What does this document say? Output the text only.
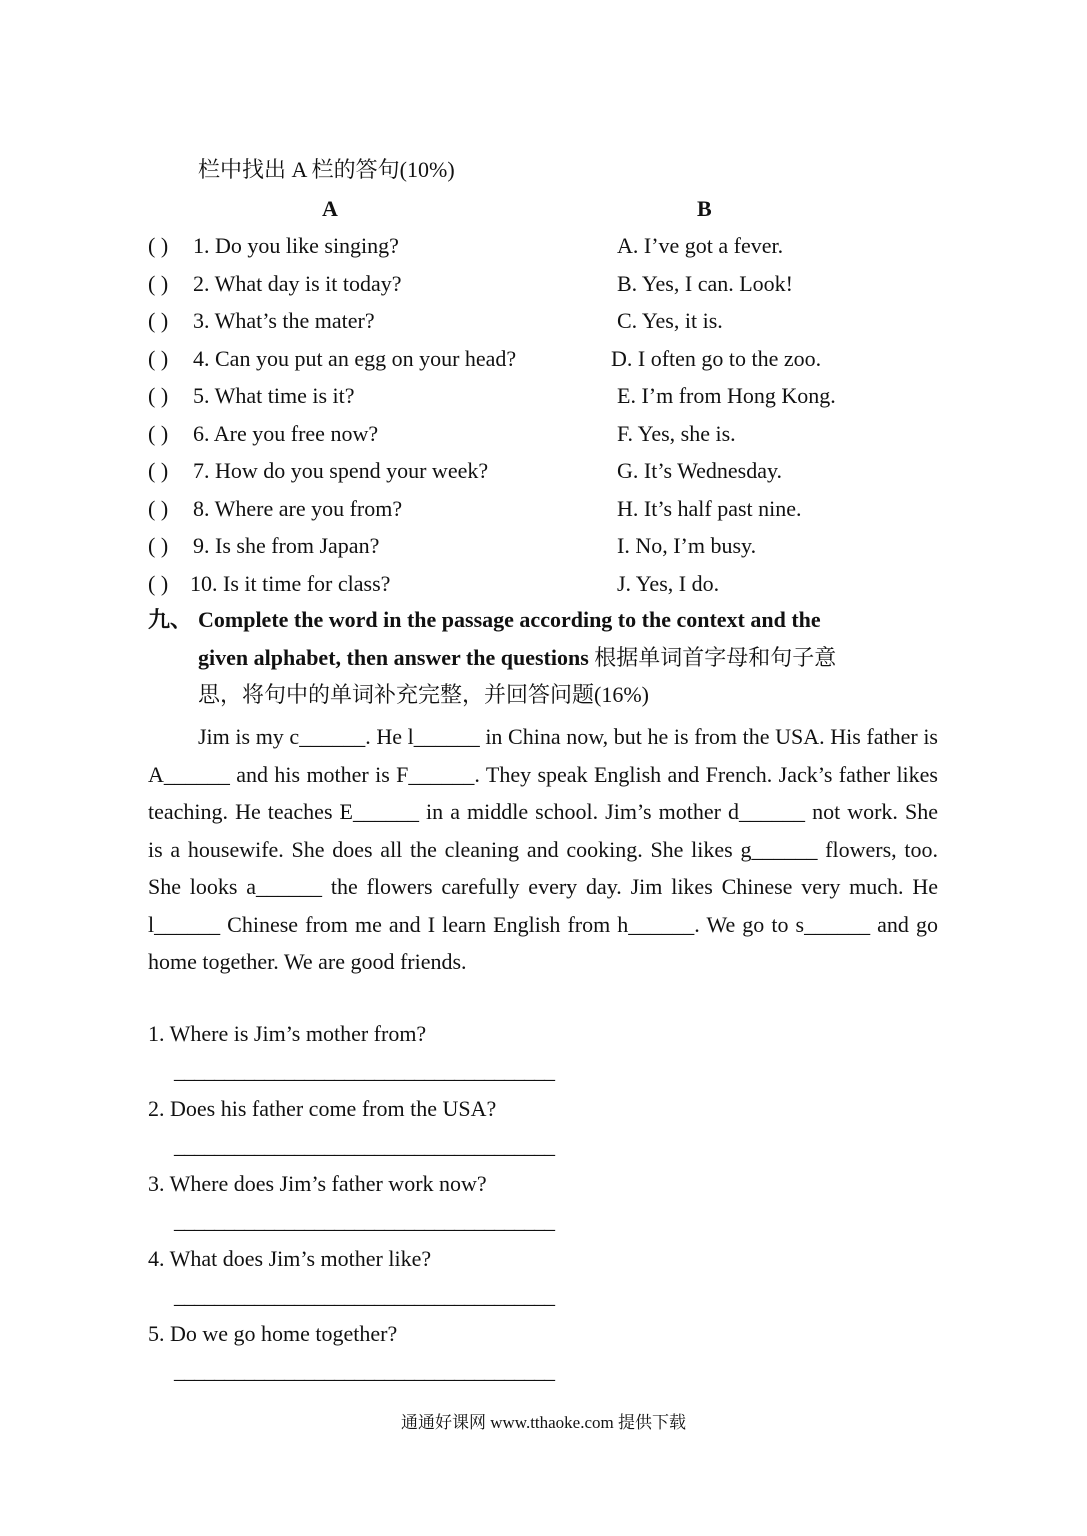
栏中找出 A 栏的答句(10%)
A	B
( ) 1. Do you like singing?	A. I’ve got a fever.
( ) 2. What day is it today?	B. Yes, I can. Look!
( ) 3. What’s the mater?	C. Yes, it is.
( ) 4. Can you put an egg on your head?	D. I often go to the zoo.
( ) 5. What time is it?	E. I’m from Hong Kong.
( ) 6. Are you free now?	F. Yes, she is.
( ) 7. How do you spend your week?	G. It’s Wednesday.
( ) 8. Where are you from?	H. It’s half past nine.
( ) 9. Is she from Japan?	I. No, I’m busy.
( ) 10. Is it time for class?	J. Yes, I do.
九、 Complete the word in the passage according to the context and the
given alphabet, then answer the questions 根据单词首字母和句子意
思，将句中的单词补充完整，并回答问题(16%)

Jim is my c______. He l______ in China now, but he is from the USA. His father is A______ and his mother is F______. They speak English and French. Jack’s father likes teaching. He teaches E______ in a middle school. Jim’s mother d______ not work. She is a housewife. She does all the cleaning and cooking. She likes g______ flowers, too. She looks a______ the flowers carefully every day. Jim likes Chinese very much. He l______ Chinese from me and I learn English from h______. We go to s______ and go home together. We are good friends.

1. Where is Jim’s mother from?
______________________________________
2. Does his father come from the USA?
______________________________________
3. Where does Jim’s father work now?
______________________________________
4. What does Jim’s mother like?
______________________________________
5. Do we go home together?
______________________________________
通通好课网 www.tthaoke.com 提供下载
